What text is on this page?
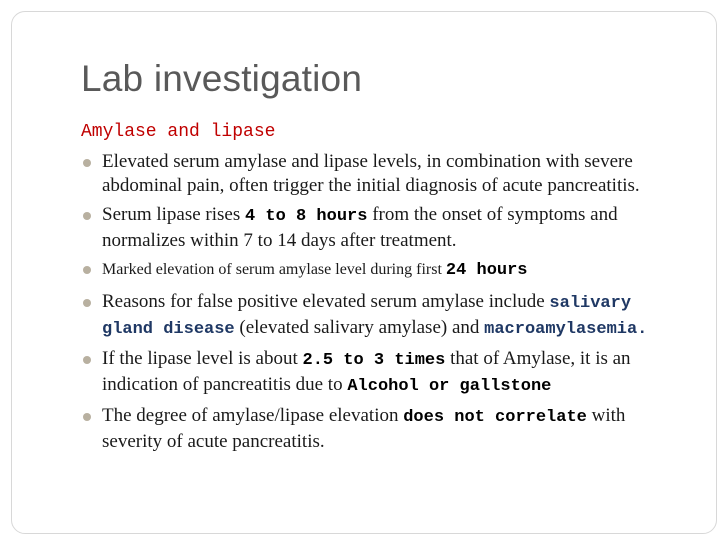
Lab investigation
Amylase and lipase
Elevated serum amylase and lipase levels, in combination with severe abdominal pain, often trigger the initial diagnosis of acute pancreatitis.
Serum lipase rises 4 to 8 hours from the onset of symptoms and normalizes within 7 to 14 days after treatment.
Marked elevation of serum amylase level during first 24 hours
Reasons for false positive elevated serum amylase include salivary gland disease (elevated salivary amylase) and macroamylasemia.
If the lipase level is about 2.5 to 3 times that of Amylase, it is an indication of pancreatitis due to Alcohol or gallstone
The degree of amylase/lipase elevation does not correlate with severity of acute pancreatitis.
